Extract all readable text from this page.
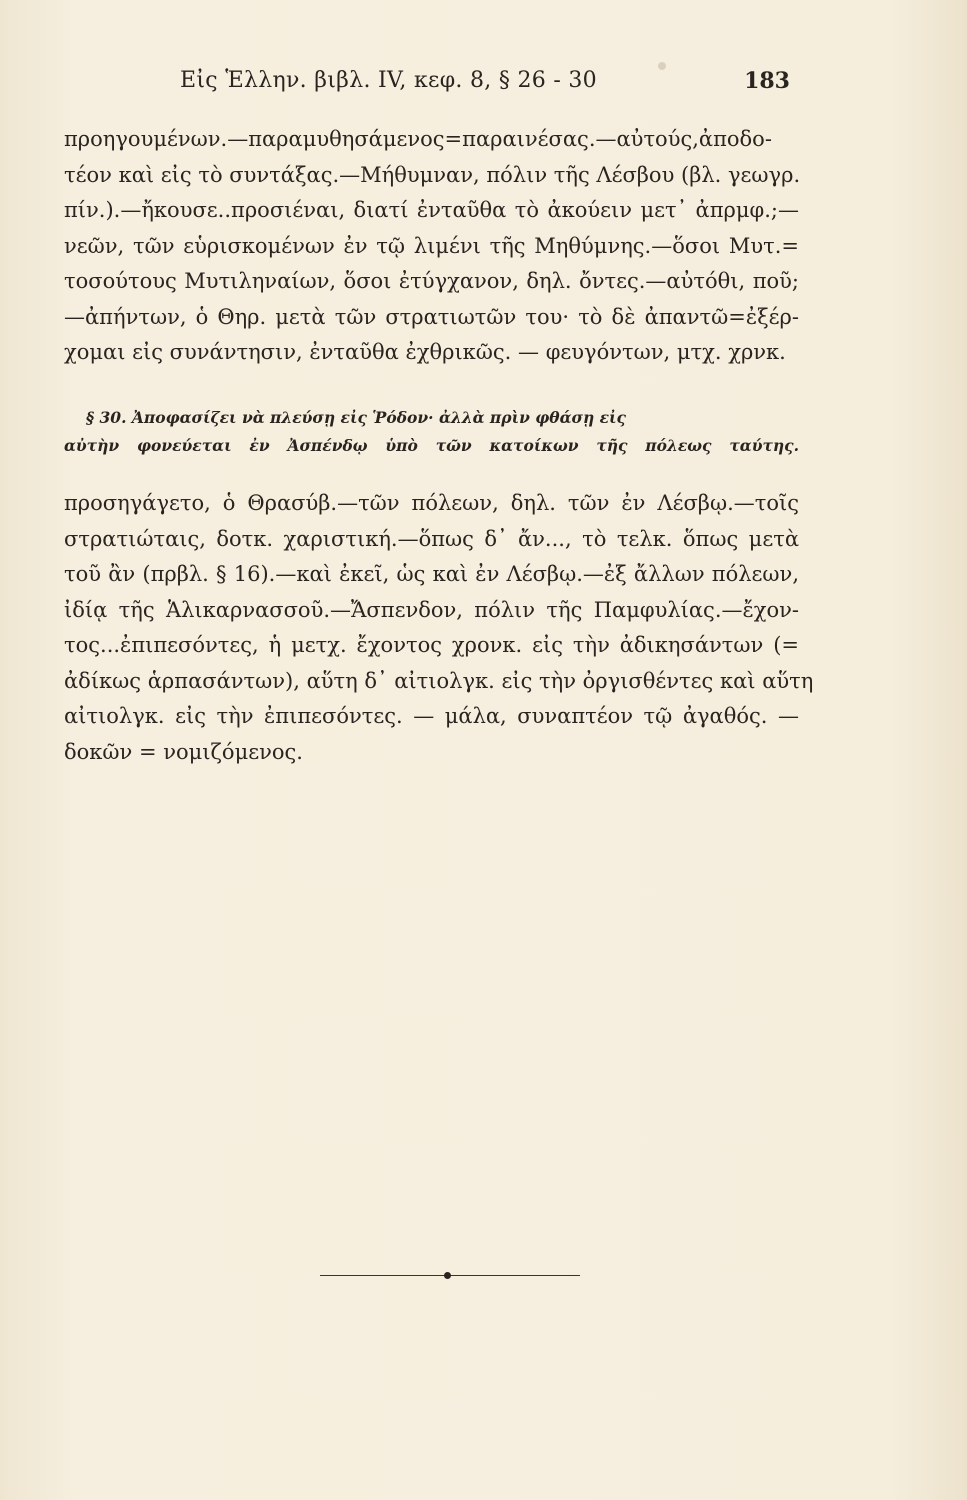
Εἰς Ἑλλην. βιβλ. IV, κεφ. 8, § 26 - 30	183
προηγουμένων.—παραμυθησάμενος=παραινέσας.—αὐτούς,ἀποδο-
τέον καὶ εἰς τὸ συντάξας.—Μήθυμναν, πόλιν τῆς Λέσβου (βλ. γεωγρ.
πίν.).—ἤκουσε..προσιέναι, διατί ἐνταῦθα τὸ ἀκούειν μετ᾿ ἀπρμφ.;—
νεῶν, τῶν εὑρισκομένων ἐν τῷ λιμένι τῆς Μηθύμνης.—ὅσοι Μυτ.=
τοσούτους Μυτιληναίων, ὅσοι ἐτύγχανον, δηλ. ὄντες.—αὐτόθι, ποῦ;
—ἀπήντων, ὁ Θηρ. μετὰ τῶν στρατιωτῶν του· τὸ δὲ ἀπαντῶ=ἐξέρ-
χομαι εἰς συνάντησιν, ἐνταῦθα ἐχθρικῶς. — φευγόντων, μτχ. χρνκ.
§ 30. Ἀποφασίζει νὰ πλεύσῃ εἰς Ῥόδον· ἀλλὰ πρὶν φθάσῃ εἰς
αὐτὴν φονεύεται ἐν Ἀσπένδῳ ὑπὸ τῶν κατοίκων τῆς πόλεως ταύτης.
προσηγάγετο, ὁ Θρασύβ.—τῶν πόλεων, δηλ. τῶν ἐν Λέσβῳ.—τοῖς
στρατιώταις, δοτκ. χαριστική.—ὅπως δ᾿ ἄν..., τὸ τελκ. ὅπως μετὰ
τοῦ ἂν (πρβλ. § 16).—καὶ ἐκεῖ, ὡς καὶ ἐν Λέσβῳ.—ἐξ ἄλλων πόλεων,
ἰδίᾳ τῆς Ἁλικαρνασσοῦ.—Ἄσπενδον, πόλιν τῆς Παμφυλίας.—ἔχον-
τος...ἐπιπεσόντες, ἡ μετχ. ἔχοντος χρονκ. εἰς τὴν ἀδικησάντων (=
ἀδίκως ἁρπασάντων), αὕτη δ᾿ αἰτιολγκ. εἰς τὴν ὀργισθέντες καὶ αὕτη
αἰτιολγκ. εἰς τὴν ἐπιπεσόντες. — μάλα, συναπτέον τῷ ἀγαθός. —
δοκῶν = νομιζόμενος.
